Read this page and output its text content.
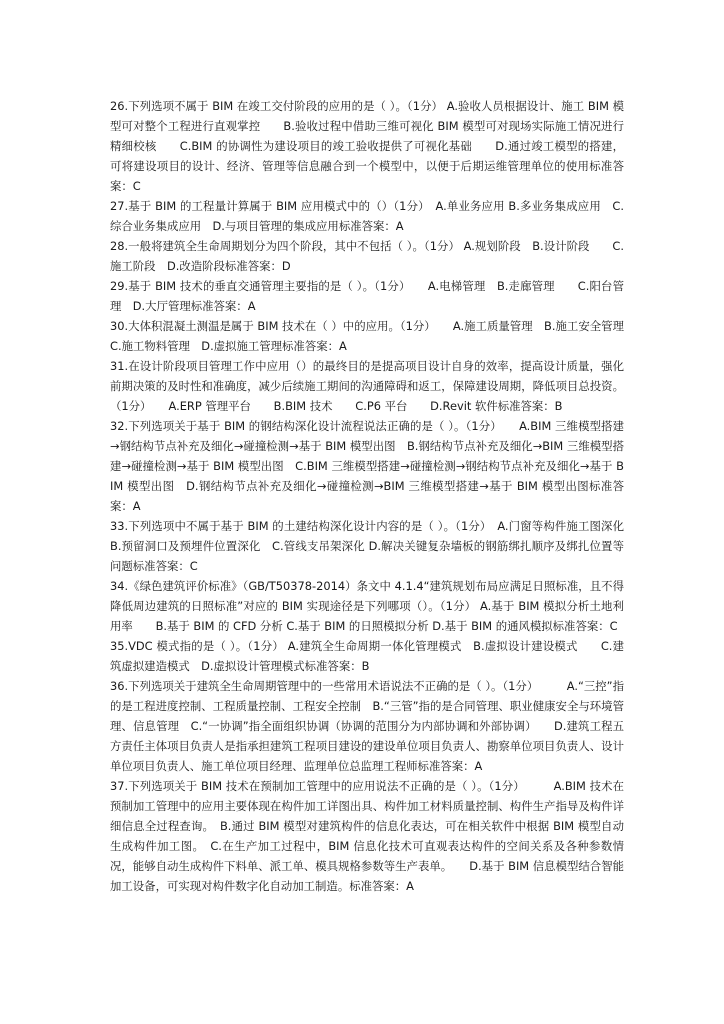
26.下列选项不属于 BIM 在竣工交付阶段的应用的是（ ）。（1分） A.验收人员根据设计、施工 BIM 模型可对整个工程进行直观掌控　　B.验收过程中借助三维可视化 BIM 模型可对现场实际施工情况进行精细校核　　C.BIM 的协调性为建设项目的竣工验收提供了可视化基础　　D.通过竣工模型的搭建，可将建设项目的设计、经济、管理等信息融合到一个模型中，以便于后期运维管理单位的使用标准答案：C

27.基于 BIM 的工程量计算属于 BIM 应用模式中的（）（1分）　A.单业务应用 B.多业务集成应用　C.综合业务集成应用　D.与项目管理的集成应用标准答案：A

28.一般将建筑全生命周期划分为四个阶段，其中不包括（ ）。（1分） A.规划阶段　B.设计阶段　　C.施工阶段　D.改造阶段标准答案：D

29.基于 BIM 技术的垂直交通管理主要指的是（ ）。（1分）　　A.电梯管理　B.走廊管理　　C.阳台管理　D.大厅管理标准答案：A

30.大体积混凝土测温是属于 BIM 技术在（ ）中的应用。（1分）　　A.施工质量管理　B.施工安全管理　　C.施工物料管理　D.虚拟施工管理标准答案：A

31.在设计阶段项目管理工作中应用（）的最终目的是提高项目设计自身的效率，提高设计质量，强化前期决策的及时性和准确度，减少后续施工期间的沟通障碍和返工，保障建设周期，降低项目总投资。（1分）　　A.ERP 管理平台　　B.BIM 技术　　C.P6 平台　　D.Revit 软件标准答案：B

32.下列选项关于基于 BIM 的钢结构深化设计流程说法正确的是（ ）。（1分）　　A.BIM 三维模型搭建→钢结构节点补充及细化→碰撞检测→基于 BIM 模型出图　B.钢结构节点补充及细化→BIM 三维模型搭建→碰撞检测→基于 BIM 模型出图　C.BIM 三维模型搭建→碰撞检测→钢结构节点补充及细化→基于 BIM 模型出图　D.钢结构节点补充及细化→碰撞检测→BIM 三维模型搭建→基于 BIM 模型出图标准答案：A

33.下列选项中不属于基于 BIM 的土建结构深化设计内容的是（ ）。（1分）　A.门窗等构件施工图深化　　B.预留洞口及预埋件位置深化　C.管线支吊架深化 D.解决关键复杂墙板的钢筋绑扎顺序及绑扎位置等问题标准答案：C

34.《绿色建筑评价标准》（GB/T50378-2014）条文中 4.1.4“建筑规划布局应满足日照标准，且不得降低周边建筑的日照标准”对应的 BIM 实现途径是下列哪项（）。（1分） A.基于 BIM 模拟分析土地利用率　　B.基于 BIM 的 CFD 分析 C.基于 BIM 的日照模拟分析 D.基于 BIM 的通风模拟标准答案：C

35.VDC 模式指的是（ ）。（1分） A.建筑全生命周期一体化管理模式　B.虚拟设计建设模式　　C.建筑虚拟建造模式　D.虚拟设计管理模式标准答案：B

36.下列选项关于建筑全生命周期管理中的一些常用术语说法不正确的是（ ）。（1分）　　　A.“三控”指的是工程进度控制、工程质量控制、工程安全控制　B.“三管”指的是合同管理、职业健康安全与环境管理、信息管理　C.“一协调”指全面组织协调（协调的范围分为内部协调和外部协调）　　D.建筑工程五方责任主体项目负责人是指承担建筑工程项目建设的建设单位项目负责人、勘察单位项目负责人、设计单位项目负责人、施工单位项目经理、监理单位总监理工程师标准答案：A

37.下列选项关于 BIM 技术在预制加工管理中的应用说法不正确的是（ ）。（1分）　　　A.BIM 技术在预制加工管理中的应用主要体现在构件加工详图出具、构件加工材料质量控制、构件生产指导及构件详细信息全过程查询。　B.通过 BIM 模型对建筑构件的信息化表达，可在相关软件中根据 BIM 模型自动生成构件加工图。　C.在生产加工过程中，BIM 信息化技术可直观表达构件的空间关系及各种参数情况，能够自动生成构件下料单、派工单、模具规格参数等生产表单。　　D.基于 BIM 信息模型结合智能加工设备，可实现对构件数字化自动加工制造。标准答案：A
